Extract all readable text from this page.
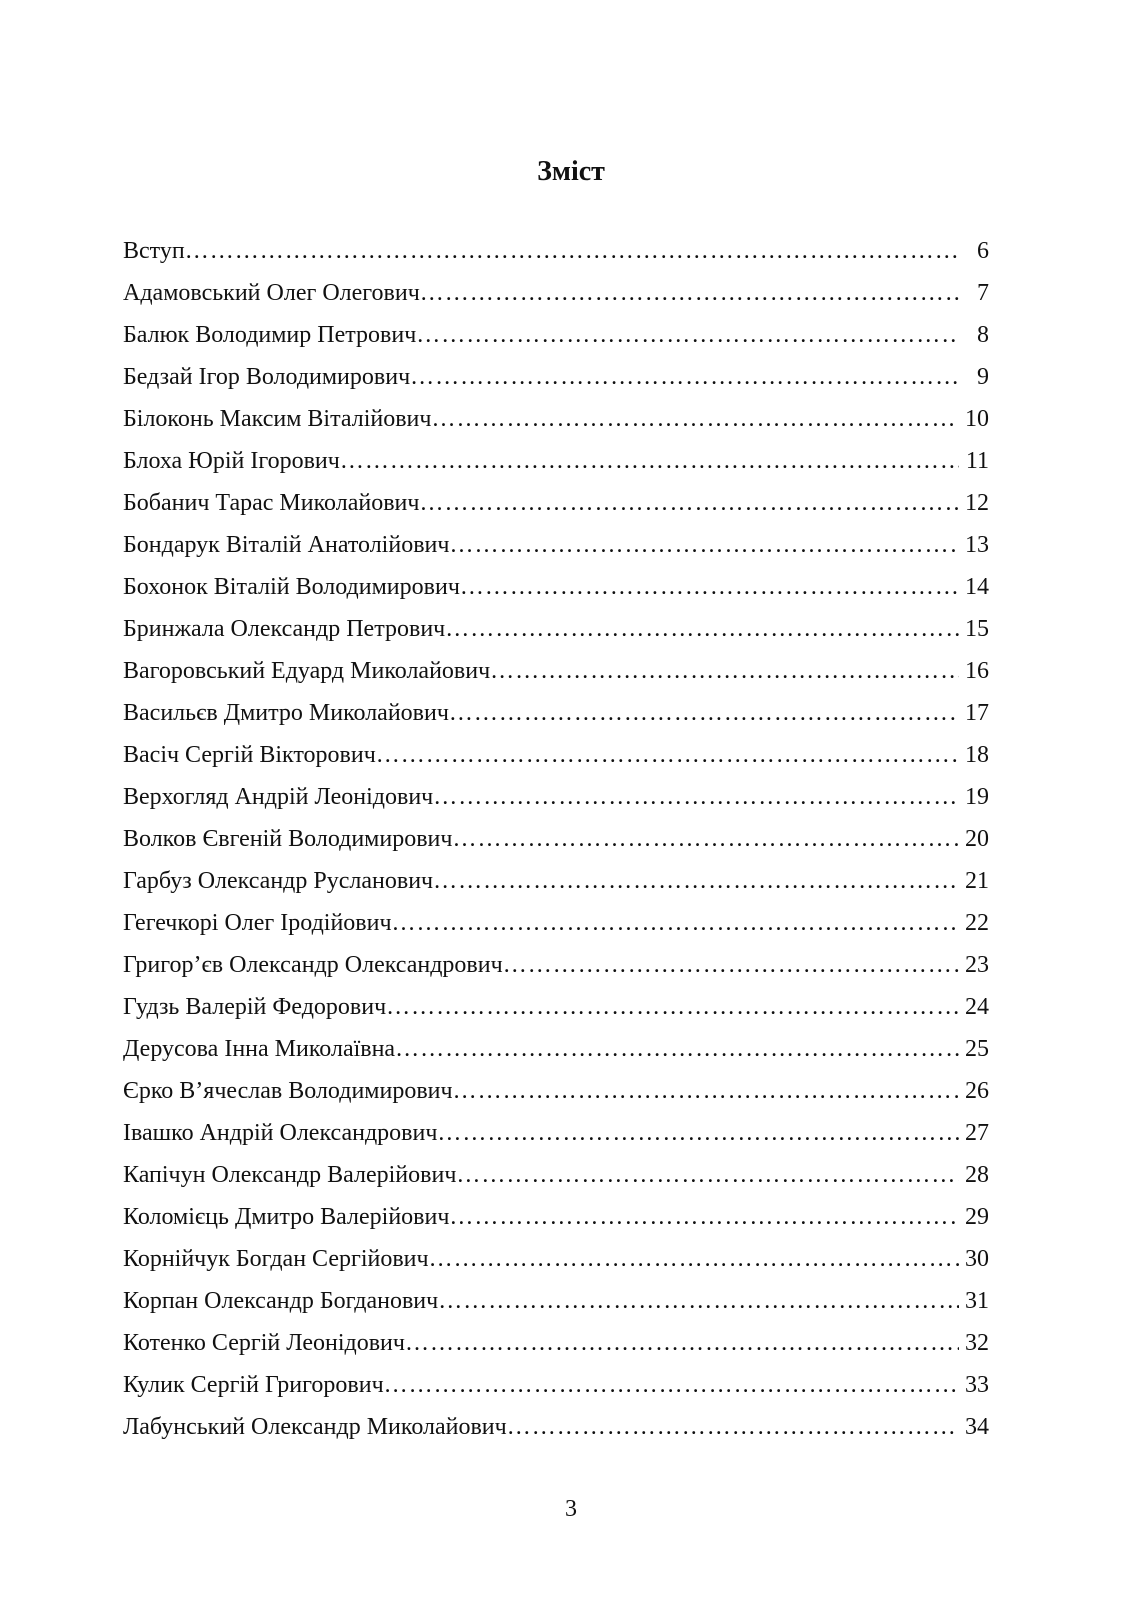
Зміст
Вступ ………………………………………………………………………………………………………………………………	6
Адамовський Олег Олегович ………………………………………………………………………………………………………………………………	7
Балюк Володимир Петрович ………………………………………………………………………………………………………………………………	8
Бедзай Ігор Володимирович ………………………………………………………………………………………………………………………………	9
Білоконь Максим Віталійович ………………………………………………………………………………………………………………………………	10
Блоха Юрій Ігорович ………………………………………………………………………………………………………………………………	11
Бобанич Тарас Миколайович ………………………………………………………………………………………………………………………………	12
Бондарук Віталій Анатолійович ………………………………………………………………………………………………………………………………	13
Бохонок Віталій Володимирович ………………………………………………………………………………………………………………………………	14
Бринжала Олександр Петрович ………………………………………………………………………………………………………………………………	15
Вагоровський Едуард Миколайович ………………………………………………………………………………………………………………………………	16
Васильєв Дмитро Миколайович ………………………………………………………………………………………………………………………………	17
Васіч Сергій Вікторович ………………………………………………………………………………………………………………………………	18
Верхогляд Андрій Леонідович ………………………………………………………………………………………………………………………………	19
Волков Євгеній Володимирович ………………………………………………………………………………………………………………………………	20
Гарбуз Олександр Русланович ………………………………………………………………………………………………………………………………	21
Гегечкорі Олег Іродійович ………………………………………………………………………………………………………………………………	22
Григор’єв Олександр Олександрович ………………………………………………………………………………………………………………………………	23
Гудзь Валерій Федорович ………………………………………………………………………………………………………………………………	24
Дерусова Інна Миколаївна ………………………………………………………………………………………………………………………………	25
Єрко В’ячеслав Володимирович ………………………………………………………………………………………………………………………………	26
Івашко Андрій Олександрович ………………………………………………………………………………………………………………………………	27
Капічун Олександр Валерійович ………………………………………………………………………………………………………………………………	28
Коломієць Дмитро Валерійович ………………………………………………………………………………………………………………………………	29
Корнійчук Богдан Сергійович ………………………………………………………………………………………………………………………………	30
Корпан Олександр Богданович ………………………………………………………………………………………………………………………………	31
Котенко Сергій Леонідович ………………………………………………………………………………………………………………………………	32
Кулик Сергій Григорович ………………………………………………………………………………………………………………………………	33
Лабунський Олександр Миколайович ………………………………………………………………………………………………………………………………	34
3
